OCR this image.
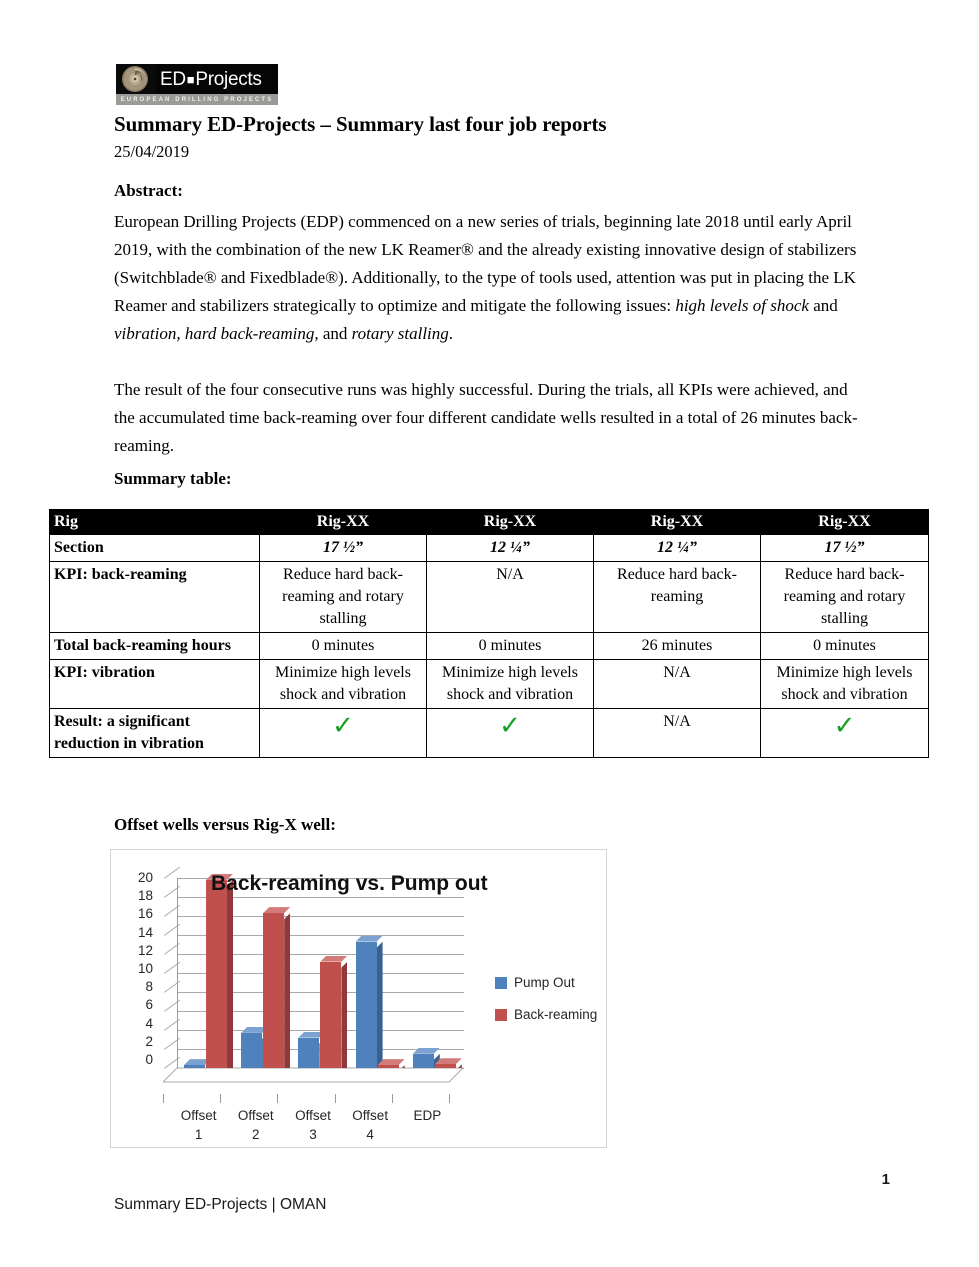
ED■Projects
EUROPEAN DRILLING PROJECTS
Summary ED-Projects – Summary last four job reports
25/04/2019
Abstract:
European Drilling Projects (EDP) commenced on a new series of trials, beginning late 2018 until early April 2019, with the combination of the new LK Reamer® and the already existing innovative design of stabilizers (Switchblade® and Fixedblade®). Additionally, to the type of tools used, attention was put in placing the LK Reamer and stabilizers strategically to optimize and mitigate the following issues: high levels of shock and vibration, hard back-reaming, and rotary stalling.
The result of the four consecutive runs was highly successful. During the trials, all KPIs were achieved, and the accumulated time back-reaming over four different candidate wells resulted in a total of 26 minutes back-reaming.
Summary table:
Rig	Rig-XX	Rig-XX	Rig-XX	Rig-XX
Section	17 ½”	12 ¼”	12 ¼”	17 ½”
KPI: back-reaming	Reduce hard back-reaming and rotary stalling	N/A	Reduce hard back-reaming	Reduce hard back-reaming and rotary stalling
Total back-reaming hours	0 minutes	0 minutes	26 minutes	0 minutes
KPI: vibration	Minimize high levels shock and vibration	Minimize high levels shock and vibration	N/A	Minimize high levels shock and vibration
Result: a significant reduction in vibration	✓	✓	N/A	✓
Offset wells versus Rig-X well:
Back-reaming vs. Pump out
20
18
16
14
12
10
8
6
4
2
0
Offset
1
Offset
2
Offset
3
Offset
4
EDP
Pump Out
Back-reaming
1
Summary ED-Projects | OMAN
